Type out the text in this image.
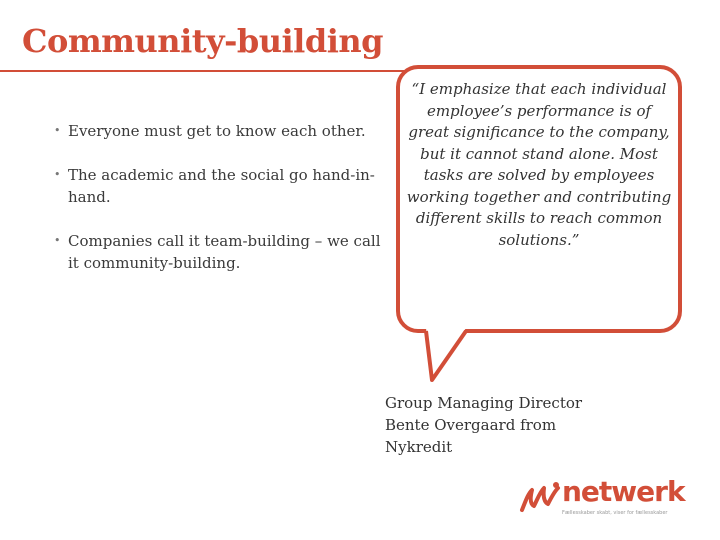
Community-building
• Everyone must get to know each other.
• The academic and the social go hand-in-hand.
• Companies call it team-building – we call it community-building.

“I emphasize that each individual employee’s performance is of great significance to the company, but it cannot stand alone. Most tasks are solved by employees working together and contributing different skills to reach common solutions.”

Group Managing Director
Bente Overgaard from
Nykredit
netwerk
Fællesskaber skabt, viser for fællesskaber
